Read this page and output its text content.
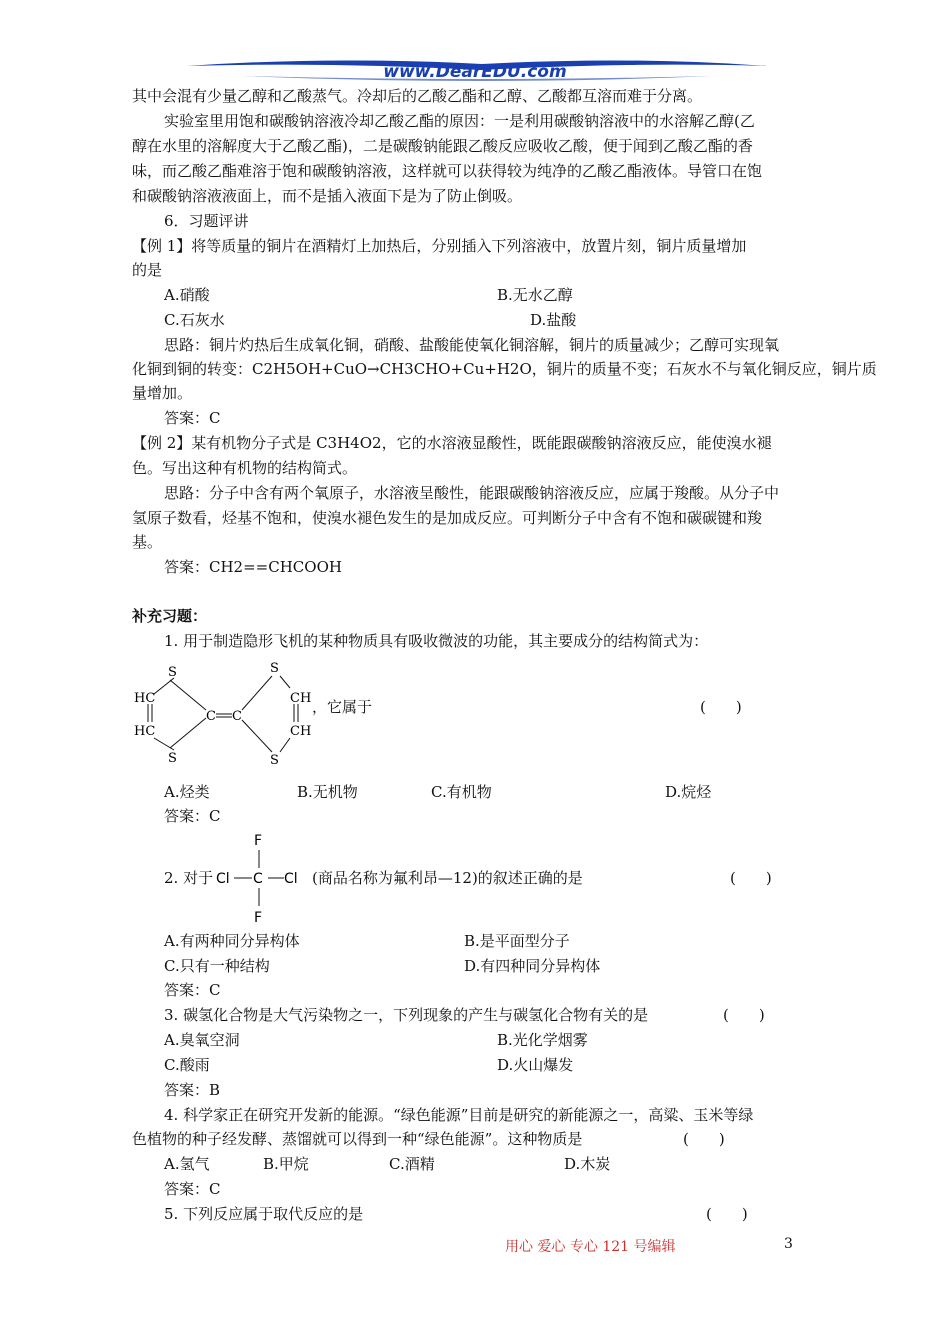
www.DearEDU.com
其中会混有少量乙醇和乙酸蒸气。冷却后的乙酸乙酯和乙醇、乙酸都互溶而难于分离。
实验室里用饱和碳酸钠溶液冷却乙酸乙酯的原因：一是利用碳酸钠溶液中的水溶解乙醇(乙
醇在水里的溶解度大于乙酸乙酯)，二是碳酸钠能跟乙酸反应吸收乙酸，便于闻到乙酸乙酯的香
味，而乙酸乙酯难溶于饱和碳酸钠溶液，这样就可以获得较为纯净的乙酸乙酯液体。导管口在饱
和碳酸钠溶液液面上，而不是插入液面下是为了防止倒吸。
6．习题评讲
【例 1】将等质量的铜片在酒精灯上加热后，分别插入下列溶液中，放置片刻，铜片质量增加
的是
A.硝酸	B.无水乙醇
C.石灰水	D.盐酸
思路：铜片灼热后生成氧化铜，硝酸、盐酸能使氧化铜溶解，铜片的质量减少；乙醇可实现氧
化铜到铜的转变：C2H5OH+CuO→CH3CHO+Cu+H2O，铜片的质量不变；石灰水不与氧化铜反应，铜片质
量增加。
答案：C
【例 2】某有机物分子式是 C3H4O2，它的水溶液显酸性，既能跟碳酸钠溶液反应，能使溴水褪
色。写出这种有机物的结构简式。
思路：分子中含有两个氧原子，水溶液呈酸性，能跟碳酸钠溶液反应，应属于羧酸。从分子中
氢原子数看，烃基不饱和，使溴水褪色发生的是加成反应。可判断分子中含有不饱和碳碳键和羧
基。
答案：CH2==CHCOOH
补充习题：
1. 用于制造隐形飞机的某种物质具有吸收微波的功能，其主要成分的结构简式为：
S
HC
HC
S
C C
S
CH
CH
S
，它属于	(　　)
A.烃类	B.无机物	C.有机物	D.烷烃
答案：C
2. 对于
F
Cl C Cl
F
(商品名称为氟利昂—12)的叙述正确的是	(　　)
A.有两种同分异构体	B.是平面型分子
C.只有一种结构	D.有四种同分异构体
答案：C
3. 碳氢化合物是大气污染物之一，下列现象的产生与碳氢化合物有关的是	(　　)
A.臭氧空洞	B.光化学烟雾
C.酸雨	D.火山爆发
答案：B
4. 科学家正在研究开发新的能源。“绿色能源”目前是研究的新能源之一，高粱、玉米等绿
色植物的种子经发酵、蒸馏就可以得到一种“绿色能源”。这种物质是	(　　)
A.氢气	B.甲烷	C.酒精	D.木炭
答案：C
5. 下列反应属于取代反应的是	(　　)
用心 爱心 专心 121 号编辑	3
